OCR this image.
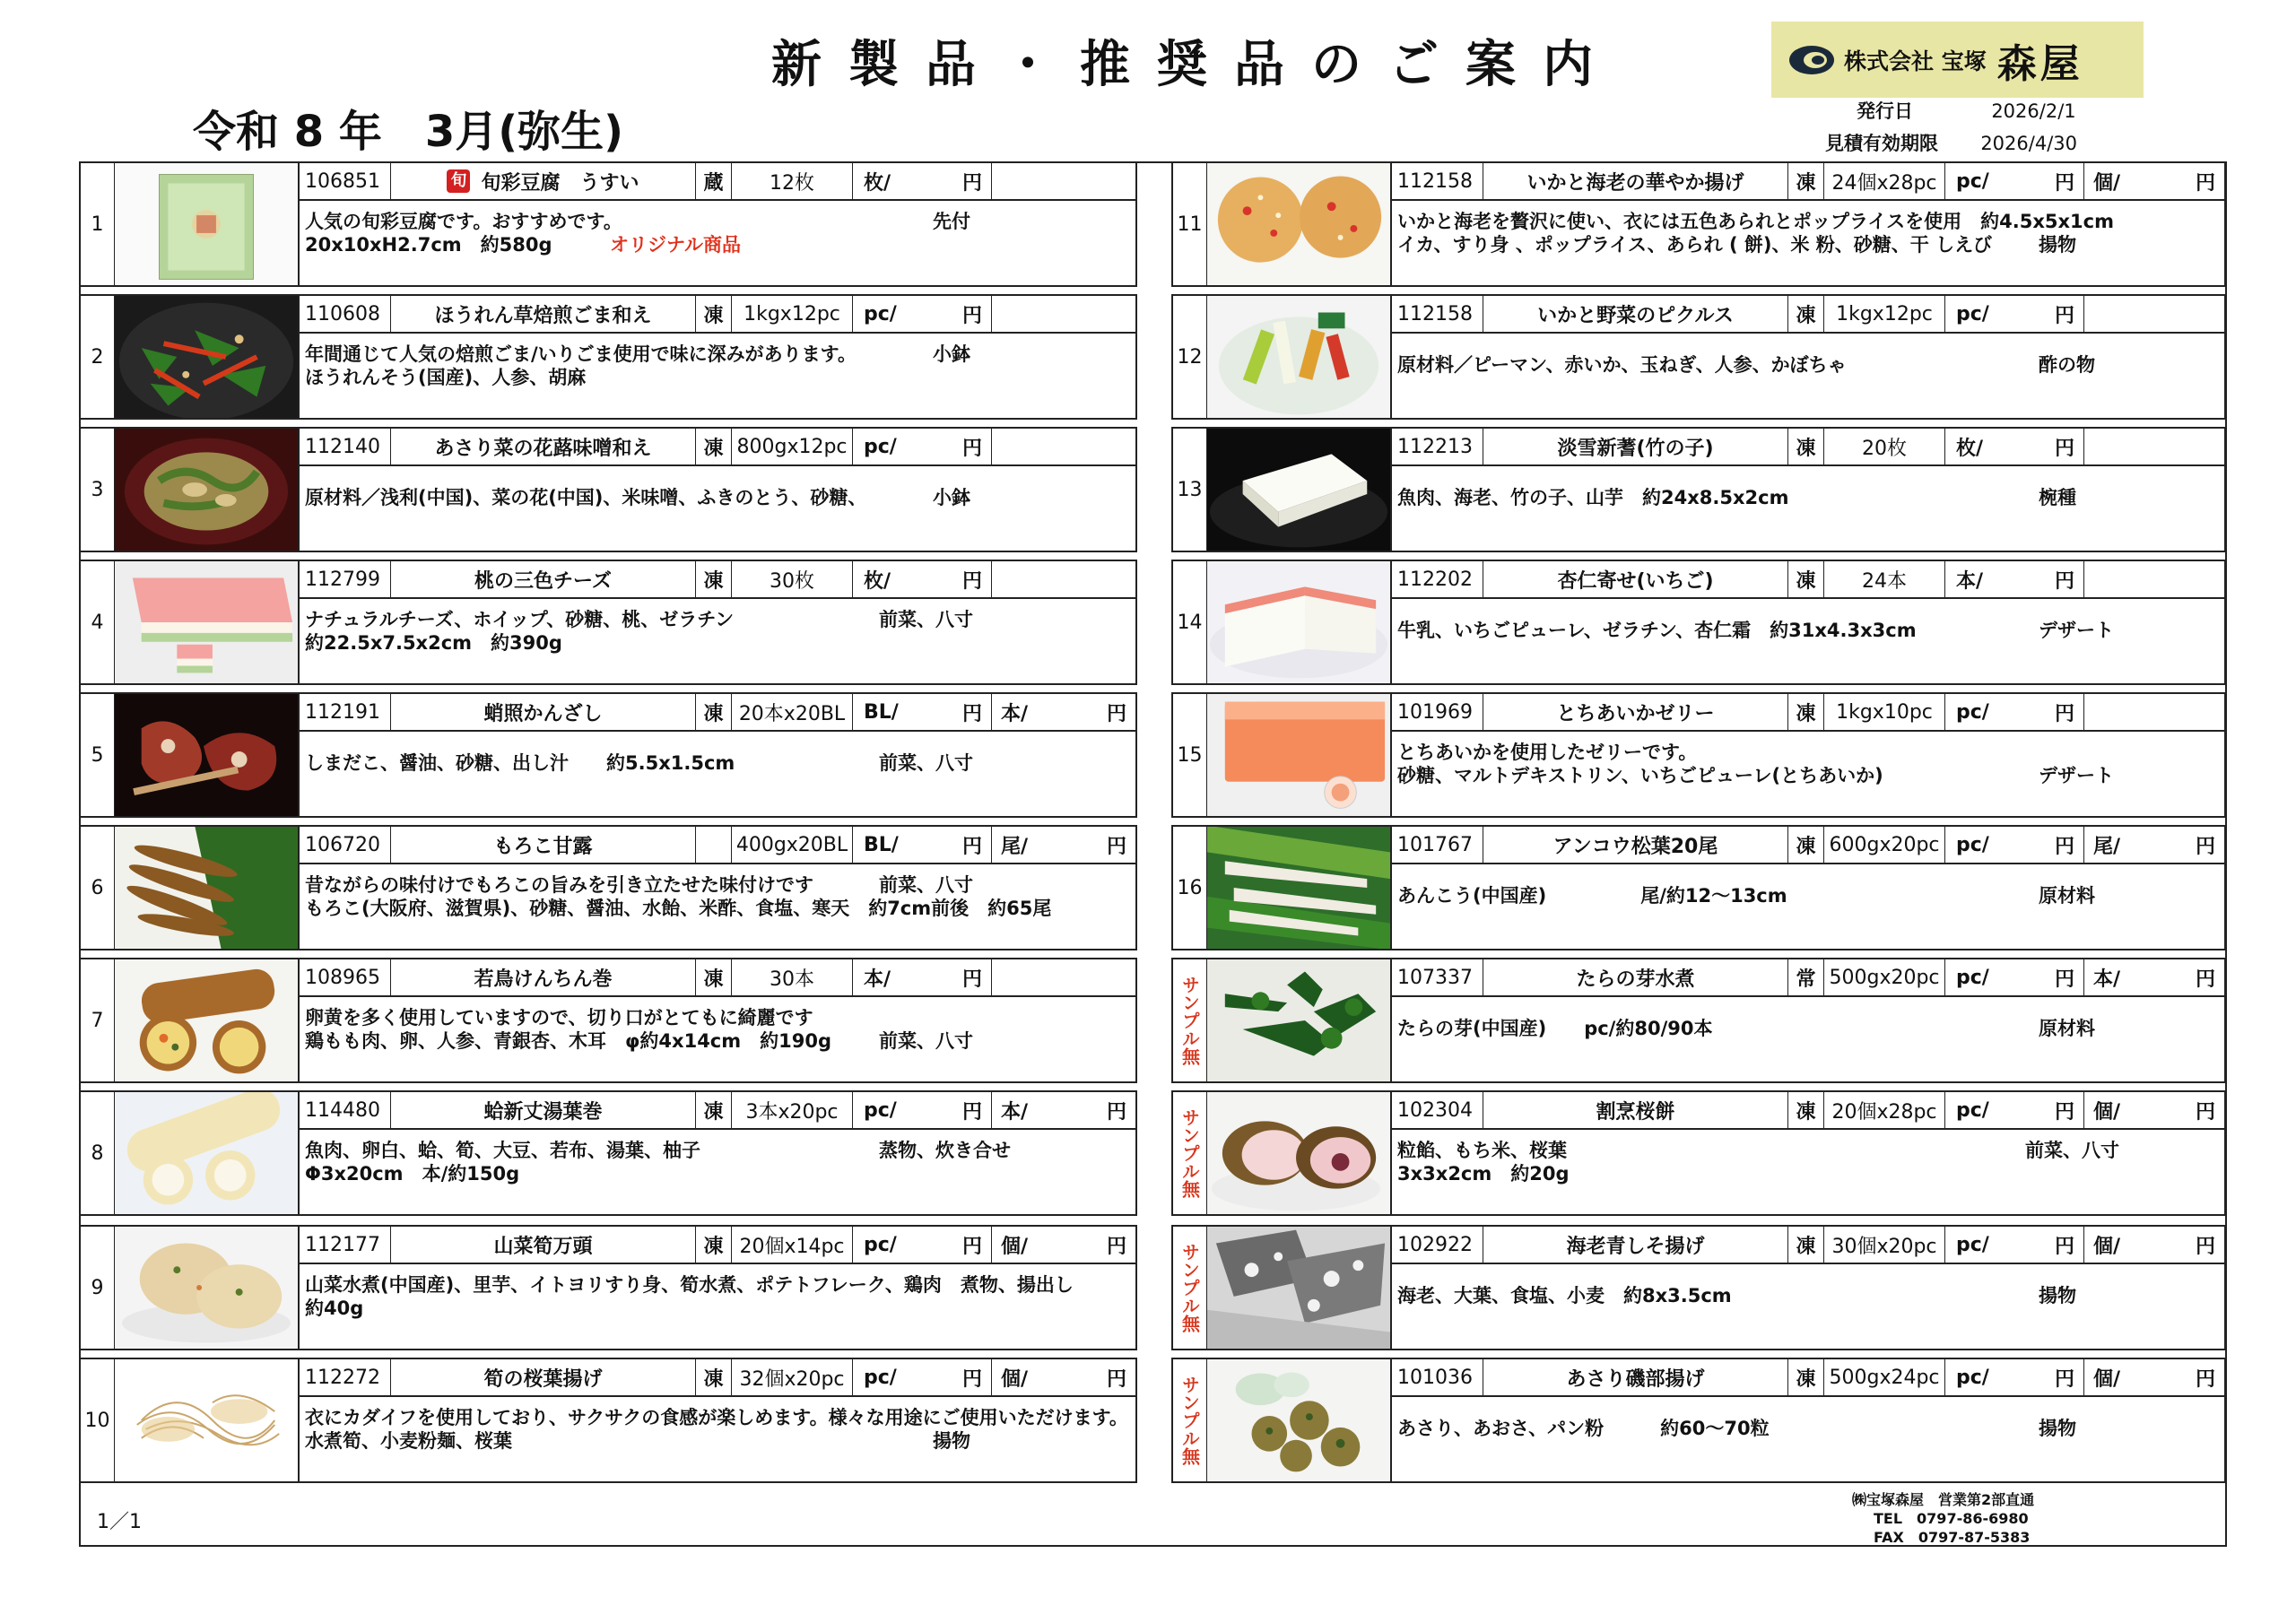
新製品・推奨品のご案内
令和 8 年　3月(弥生)
株式会社 宝塚 森屋
発行日	2026/2/1
見積有効期限 2026/4/30
1
106851	旬 旬彩豆腐　うすい	蔵 12枚	枚/	円
人気の旬彩豆腐です。おすすめです。	先付
20x10xH2.7cm　約580g	オリジナル商品
2
110608	ほうれん草焙煎ごま和え	凍 1kgx12pc pc/	円
年間通じて人気の焙煎ごま/いりごま使用で味に深みがあります。	小鉢
ほうれんそう(国産)、人参、胡麻
3
112140	あさり菜の花蕗味噌和え	凍 800gx12pc pc/	円
原材料／浅利(中国)、菜の花(中国)、米味噌、ふきのとう、砂糖、	小鉢
4
112799	桃の三色チーズ	凍 30枚	枚/	円
ナチュラルチーズ、ホイップ、砂糖、桃、ゼラチン	前菜、八寸
約22.5x7.5x2cm　約390g
5
112191	蛸照かんざし	凍 20本x20BL BL/	円 本/	円
しまだこ、醤油、砂糖、出し汁　　約5.5x1.5cm	前菜、八寸
6
106720	もろこ甘露	400gx20BL BL/	円 尾/	円
昔ながらの味付けでもろこの旨みを引き立たせた味付けです	前菜、八寸
もろこ(大阪府、滋賀県)、砂糖、醤油、水飴、米酢、食塩、寒天　約7cm前後　約65尾
7
108965	若鳥けんちん巻	凍 30本	本/	円
卵黄を多く使用していますので、切り口がとてもに綺麗です
鶏もも肉、卵、人参、青銀杏、木耳　φ約4x14cm　約190g	前菜、八寸
8
114480	蛤新丈湯葉巻	凍 3本x20pc pc/	円 本/	円
魚肉、卵白、蛤、筍、大豆、若布、湯葉、柚子	蒸物、炊き合せ
Φ3x20cm　本/約150g
9
112177	山菜筍万頭	凍 20個x14pc pc/	円 個/	円
山菜水煮(中国産)、里芋、イトヨリすり身、筍水煮、ポテトフレーク、鶏肉　煮物、揚出し
約40g
10
112272	筍の桜葉揚げ	凍 32個x20pc pc/	円 個/	円
衣にカダイフを使用しており、サクサクの食感が楽しめます。様々な用途にご使用いただけます。
水煮筍、小麦粉麺、桜葉	揚物
11
112158	いかと海老の華やか揚げ	凍 24個x28pc pc/	円 個/	円
いかと海老を贅沢に使い、衣には五色あられとポップライスを使用　約4.5x5x1cm
イカ、すり身 、ポップライス、あられ ( 餅)、米 粉、砂糖、干 しえび 揚物
12
112158	いかと野菜のピクルス	凍 1kgx12pc pc/	円
原材料／ピーマン、赤いか、玉ねぎ、人参、かぼちゃ	酢の物
13
112213	淡雪新蓍(竹の子)	凍 20枚	枚/	円
魚肉、海老、竹の子、山芋　約24x8.5x2cm	椀種
14
112202	杏仁寄せ(いちご)	凍 24本	本/	円
牛乳、いちごピューレ、ゼラチン、杏仁霜　約31x4.3x3cm	デザート
15
101969	とちあいかゼリー	凍 1kgx10pc pc/	円
とちあいかを使用したゼリーです。
砂糖、マルトデキストリン、いちごピューレ(とちあいか)	デザート
16
101767	アンコウ松葉20尾	凍 600gx20pc pc/	円 尾/	円
あんこう(中国産)　　　　　尾/約12～13cm	原材料
サンプル無	107337	たらの芽水煮	常 500gx20pc pc/	円 本/	円
たらの芽(中国産)　　pc/約80/90本	原材料
サンプル無	102304	割烹桜餅	凍 20個x28pc pc/	円 個/	円
粒餡、もち米、桜葉	前菜、八寸
3x3x2cm　約20g
サンプル無	102922	海老青しそ揚げ	凍 30個x20pc pc/	円 個/	円
海老、大葉、食塩、小麦　約8x3.5cm	揚物
サンプル無	101036	あさり磯部揚げ	凍 500gx24pc pc/	円 個/	円
あさり、あおさ、パン粉　　　約60～70粒	揚物
1／1
㈱宝塚森屋　営業第2部直通
TEL　0797-86-6980
FAX　0797-87-5383
